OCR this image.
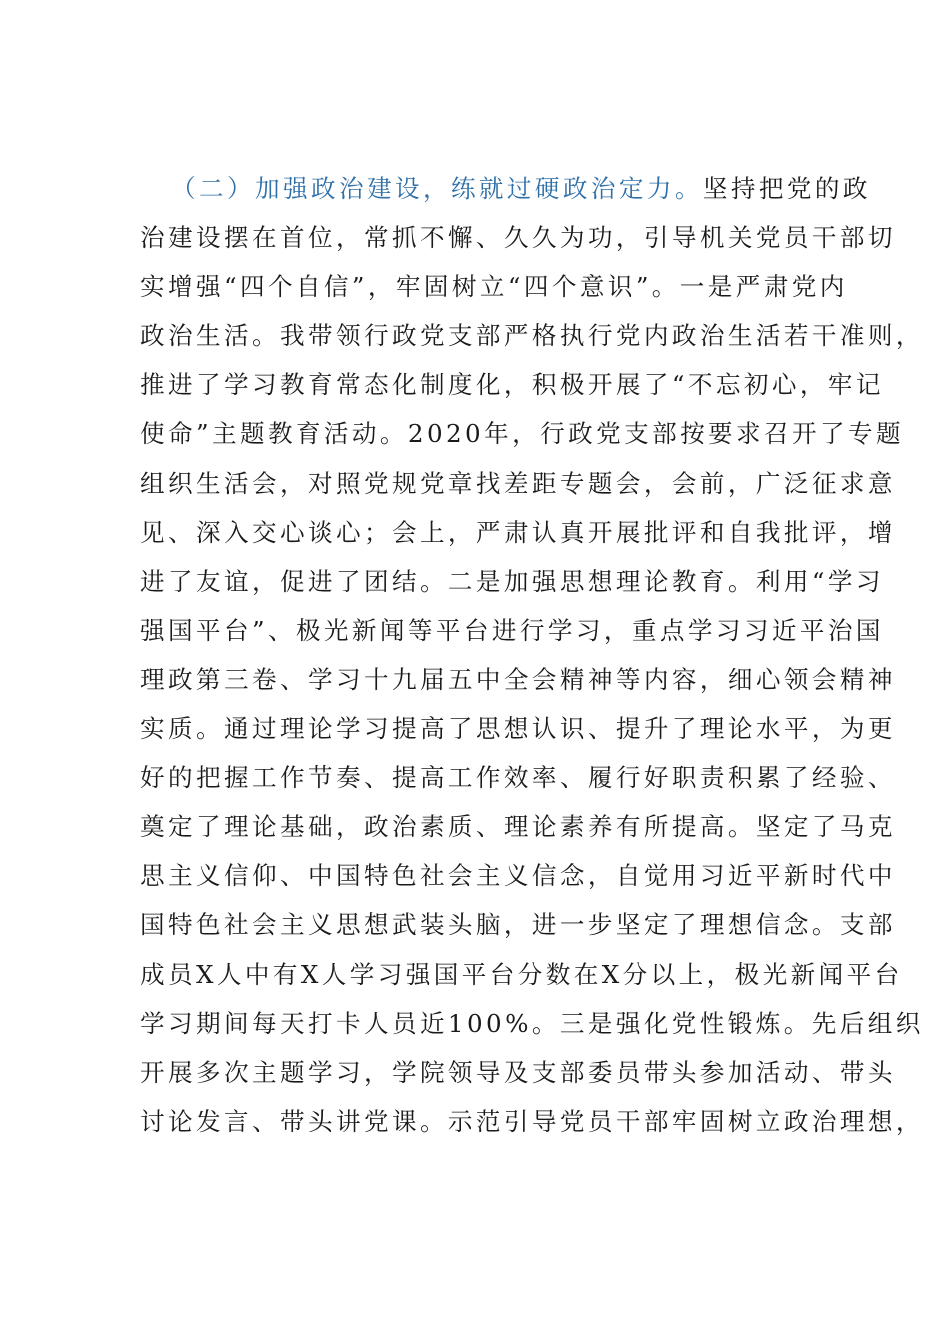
（二）加强政治建设，练就过硬政治定力。坚持把党的政
治建设摆在首位，常抓不懈、久久为功，引导机关党员干部切
实增强“四个自信”，牢固树立“四个意识”。一是严肃党内
政治生活。我带领行政党支部严格执行党内政治生活若干准则，
推进了学习教育常态化制度化，积极开展了“不忘初心，牢记
使命”主题教育活动。2020年，行政党支部按要求召开了专题
组织生活会，对照党规党章找差距专题会，会前，广泛征求意
见、深入交心谈心；会上，严肃认真开展批评和自我批评，增
进了友谊，促进了团结。二是加强思想理论教育。利用“学习
强国平台”、极光新闻等平台进行学习，重点学习习近平治国
理政第三卷、学习十九届五中全会精神等内容，细心领会精神
实质。通过理论学习提高了思想认识、提升了理论水平，为更
好的把握工作节奏、提高工作效率、履行好职责积累了经验、
奠定了理论基础，政治素质、理论素养有所提高。坚定了马克
思主义信仰、中国特色社会主义信念，自觉用习近平新时代中
国特色社会主义思想武装头脑，进一步坚定了理想信念。支部
成员X人中有X人学习强国平台分数在X分以上，极光新闻平台
学习期间每天打卡人员近100%。三是强化党性锻炼。先后组织
开展多次主题学习，学院领导及支部委员带头参加活动、带头
讨论发言、带头讲党课。示范引导党员干部牢固树立政治理想，
